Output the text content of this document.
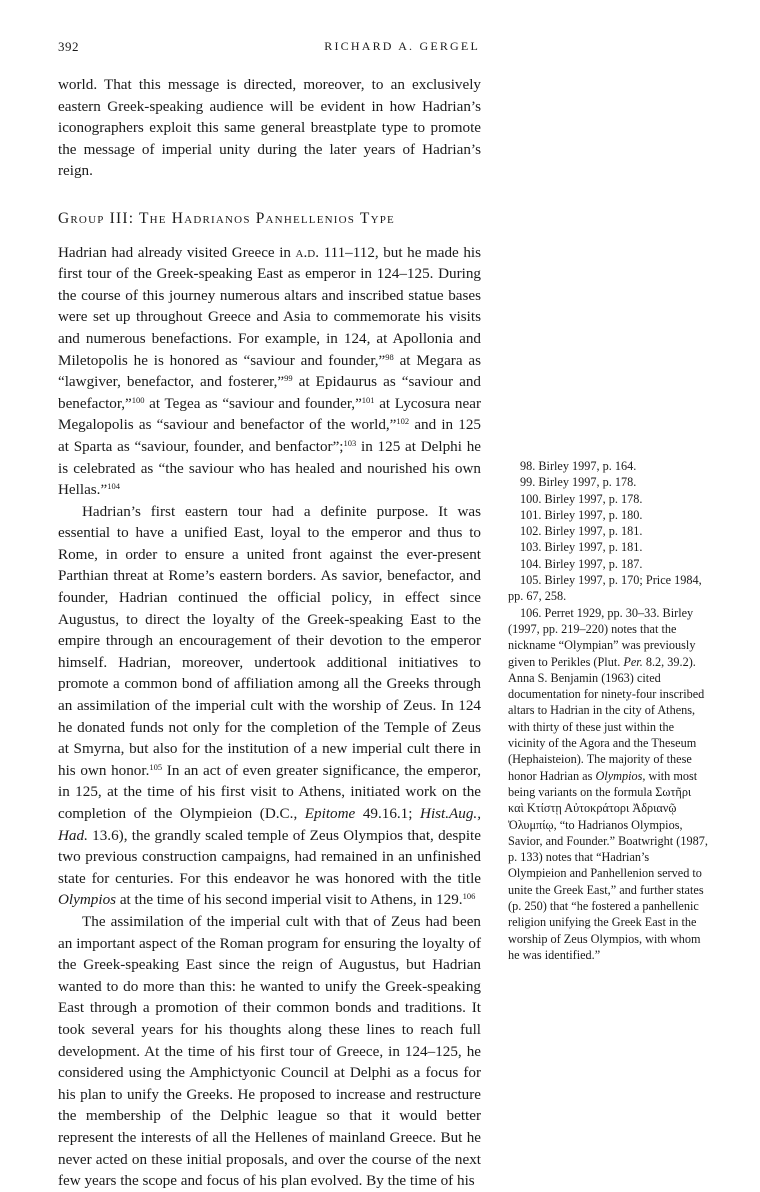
392	RICHARD A. GERGEL

world. That this message is directed, moreover, to an exclusively eastern Greek-speaking audience will be evident in how Hadrian’s iconographers exploit this same general breastplate type to promote the message of imperial unity during the later years of Hadrian’s reign.

Group III: The Hadrianos Panhellenios Type

Hadrian had already visited Greece in a.d. 111–112, but he made his first tour of the Greek-speaking East as emperor in 124–125. During the course of this journey numerous altars and inscribed statue bases were set up throughout Greece and Asia to commemorate his visits and numerous benefactions. For example, in 124, at Apollonia and Miletopolis he is honored as “saviour and founder,”$^{98}$ at Megara as “lawgiver, benefactor, and fosterer,”$^{99}$ at Epidaurus as “saviour and benefactor,”$^{100}$ at Tegea as “saviour and founder,”$^{101}$ at Lycosura near Megalopolis as “saviour and benefactor of the world,”$^{102}$ and in 125 at Sparta as “saviour, founder, and benfactor”;$^{103}$ in 125 at Delphi he is celebrated as “the saviour who has healed and nourished his own Hellas.”$^{104}$

Hadrian’s first eastern tour had a definite purpose. It was essential to have a unified East, loyal to the emperor and thus to Rome, in order to ensure a united front against the ever-present Parthian threat at Rome’s eastern borders. As savior, benefactor, and founder, Hadrian continued the official policy, in effect since Augustus, to direct the loyalty of the Greek-speaking East to the empire through an encouragement of their devotion to the emperor himself. Hadrian, moreover, undertook additional initiatives to promote a common bond of affiliation among all the Greeks through an assimilation of the imperial cult with the worship of Zeus. In 124 he donated funds not only for the completion of the Temple of Zeus at Smyrna, but also for the institution of a new imperial cult there in his own honor.$^{105}$ In an act of even greater significance, the emperor, in 125, at the time of his first visit to Athens, initiated work on the completion of the Olympieion (D.C., Epitome 49.16.1; Hist.Aug., Had. 13.6), the grandly scaled temple of Zeus Olympios that, despite two previous construction campaigns, had remained in an unfinished state for centuries. For this endeavor he was honored with the title Olympios at the time of his second imperial visit to Athens, in 129.$^{106}$

The assimilation of the imperial cult with that of Zeus had been an important aspect of the Roman program for ensuring the loyalty of the Greek-speaking East since the reign of Augustus, but Hadrian wanted to do more than this: he wanted to unify the Greek-speaking East through a promotion of their common bonds and traditions. It took several years for his thoughts along these lines to reach full development. At the time of his first tour of Greece, in 124–125, he considered using the Amphictyonic Council at Delphi as a focus for his plan to unify the Greeks. He proposed to increase and restructure the membership of the Delphic league so that it would better represent the interests of all the Hellenes of mainland Greece. But he never acted on these initial proposals, and over the course of the next few years the scope and focus of his plan evolved. By the time of his

98. Birley 1997, p. 164.

99. Birley 1997, p. 178.

100. Birley 1997, p. 178.

101. Birley 1997, p. 180.

102. Birley 1997, p. 181.

103. Birley 1997, p. 181.

104. Birley 1997, p. 187.

105. Birley 1997, p. 170; Price 1984, pp. 67, 258.

106. Perret 1929, pp. 30–33. Birley (1997, pp. 219–220) notes that the nickname “Olympian” was previously given to Perikles (Plut. Per. 8.2, 39.2). Anna S. Benjamin (1963) cited documentation for ninety-four inscribed altars to Hadrian in the city of Athens, with thirty of these just within the vicinity of the Agora and the Theseum (Hephaisteion). The majority of these honor Hadrian as Olympios, with most being variants on the formula Σωτῆρι καὶ Κτίστῃ Αὐτοκράτορι Ἀδριανῷ Ὀλυμπίῳ, “to Hadrianos Olympios, Savior, and Founder.” Boatwright (1987, p. 133) notes that “Hadrian’s Olympieion and Panhellenion served to unite the Greek East,” and further states (p. 250) that “he fostered a panhellenic religion unifying the Greek East in the worship of Zeus Olympios, with whom he was identified.”
